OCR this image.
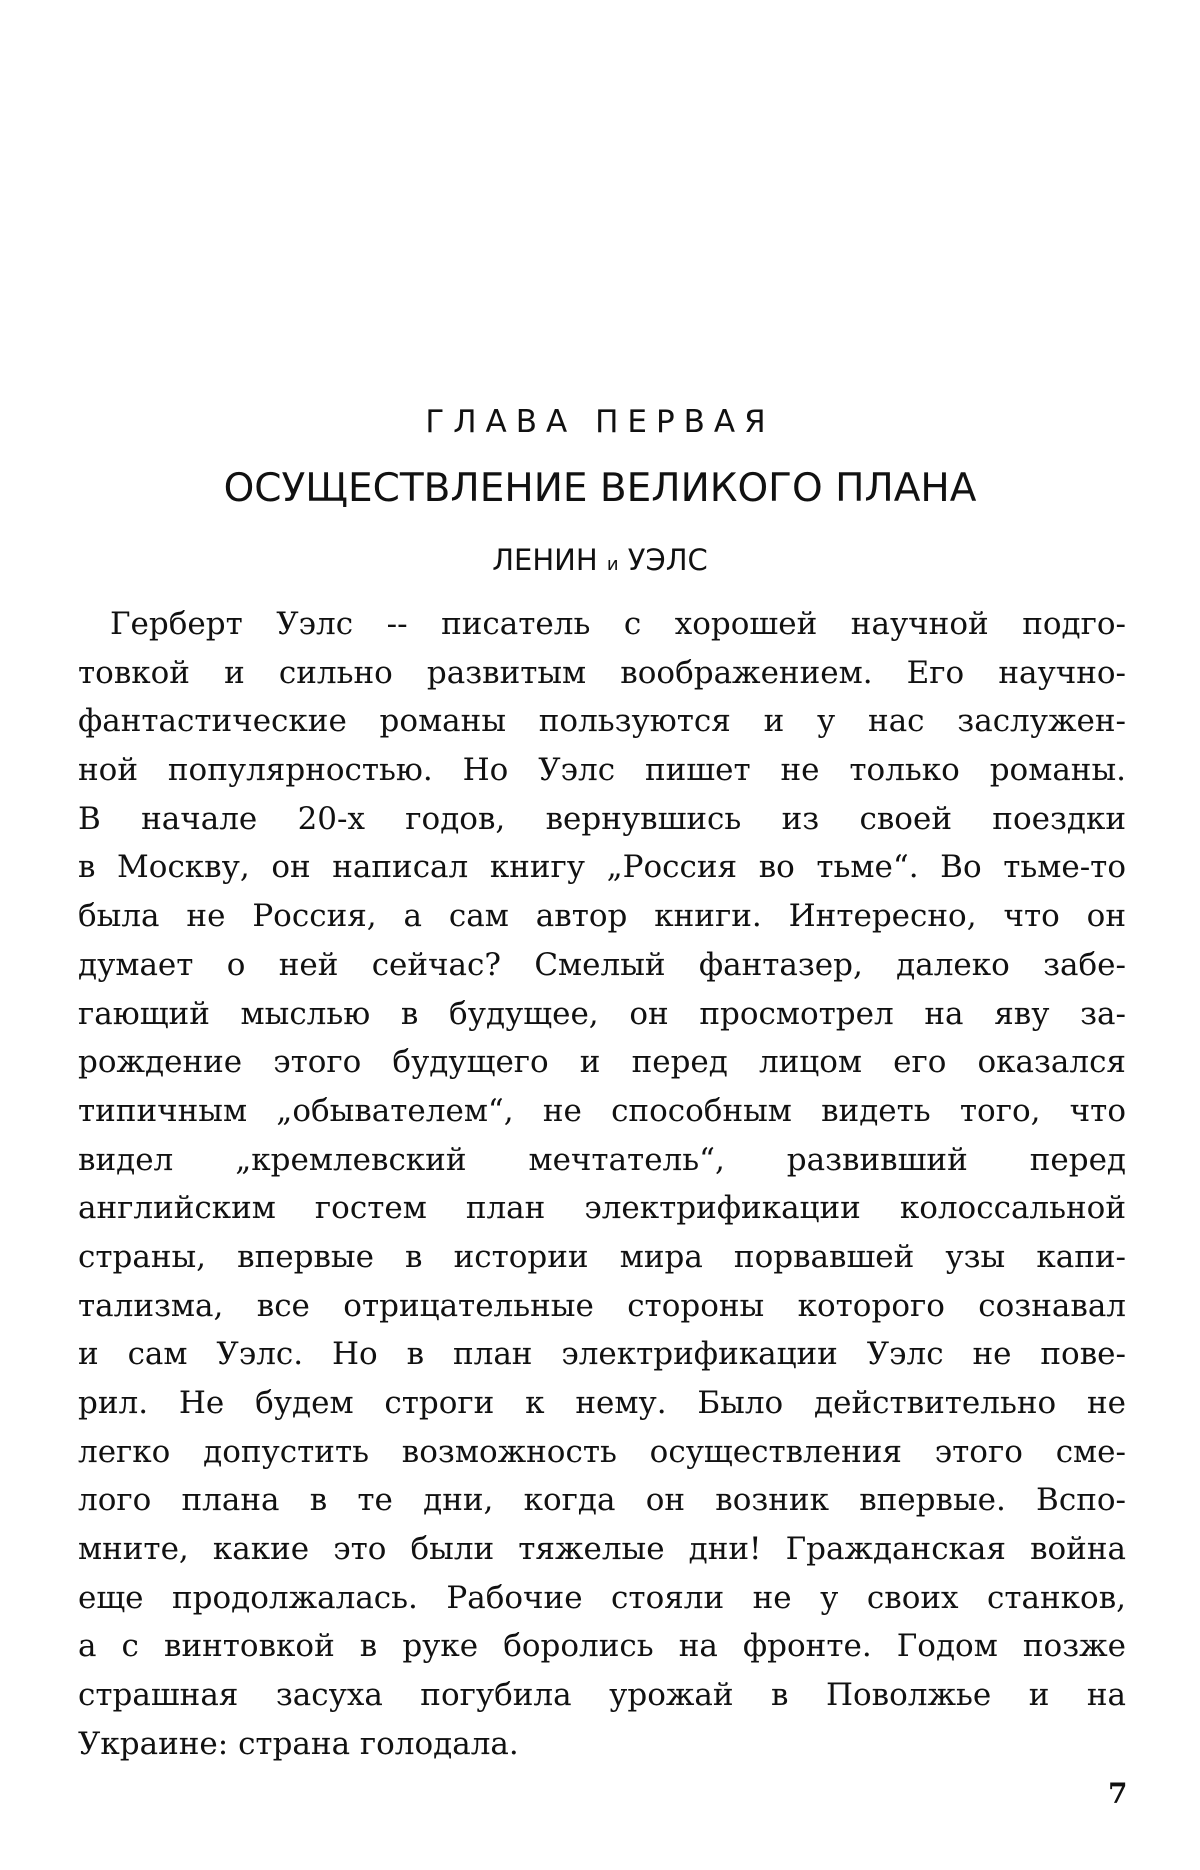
ГЛАВА ПЕРВАЯ
ОСУЩЕСТВЛЕНИЕ ВЕЛИКОГО ПЛАНА
ЛЕНИН и УЭЛС
Герберт Уэлс -- писатель с хорошей научной подго-
товкой и сильно развитым воображением. Его научно-
фантастические романы пользуются и у нас заслужен-
ной популярностью. Но Уэлс пишет не только романы.
В начале 20-х годов, вернувшись из своей поездки
в Москву, он написал книгу „Россия во тьме“. Во тьме-то
была не Россия, а сам автор книги. Интересно, что он
думает о ней сейчас? Смелый фантазер, далеко забе-
гающий мыслью в будущее, он просмотрел на яву за-
рождение этого будущего и перед лицом его оказался
типичным „обывателем“, не способным видеть того, что
видел „кремлевский мечтатель“, развивший перед
английским гостем план электрификации колоссальной
страны, впервые в истории мира порвавшей узы капи-
тализма, все отрицательные стороны которого сознавал
и сам Уэлс. Но в план электрификации Уэлс не пове-
рил. Не будем строги к нему. Было действительно не
легко допустить возможность осуществления этого сме-
лого плана в те дни, когда он возник впервые. Вспо-
мните, какие это были тяжелые дни! Гражданская война
еще продолжалась. Рабочие стояли не у своих станков,
а с винтовкой в руке боролись на фронте. Годом позже
страшная засуха погубила урожай в Поволжье и на
Украине: страна голодала.
7
